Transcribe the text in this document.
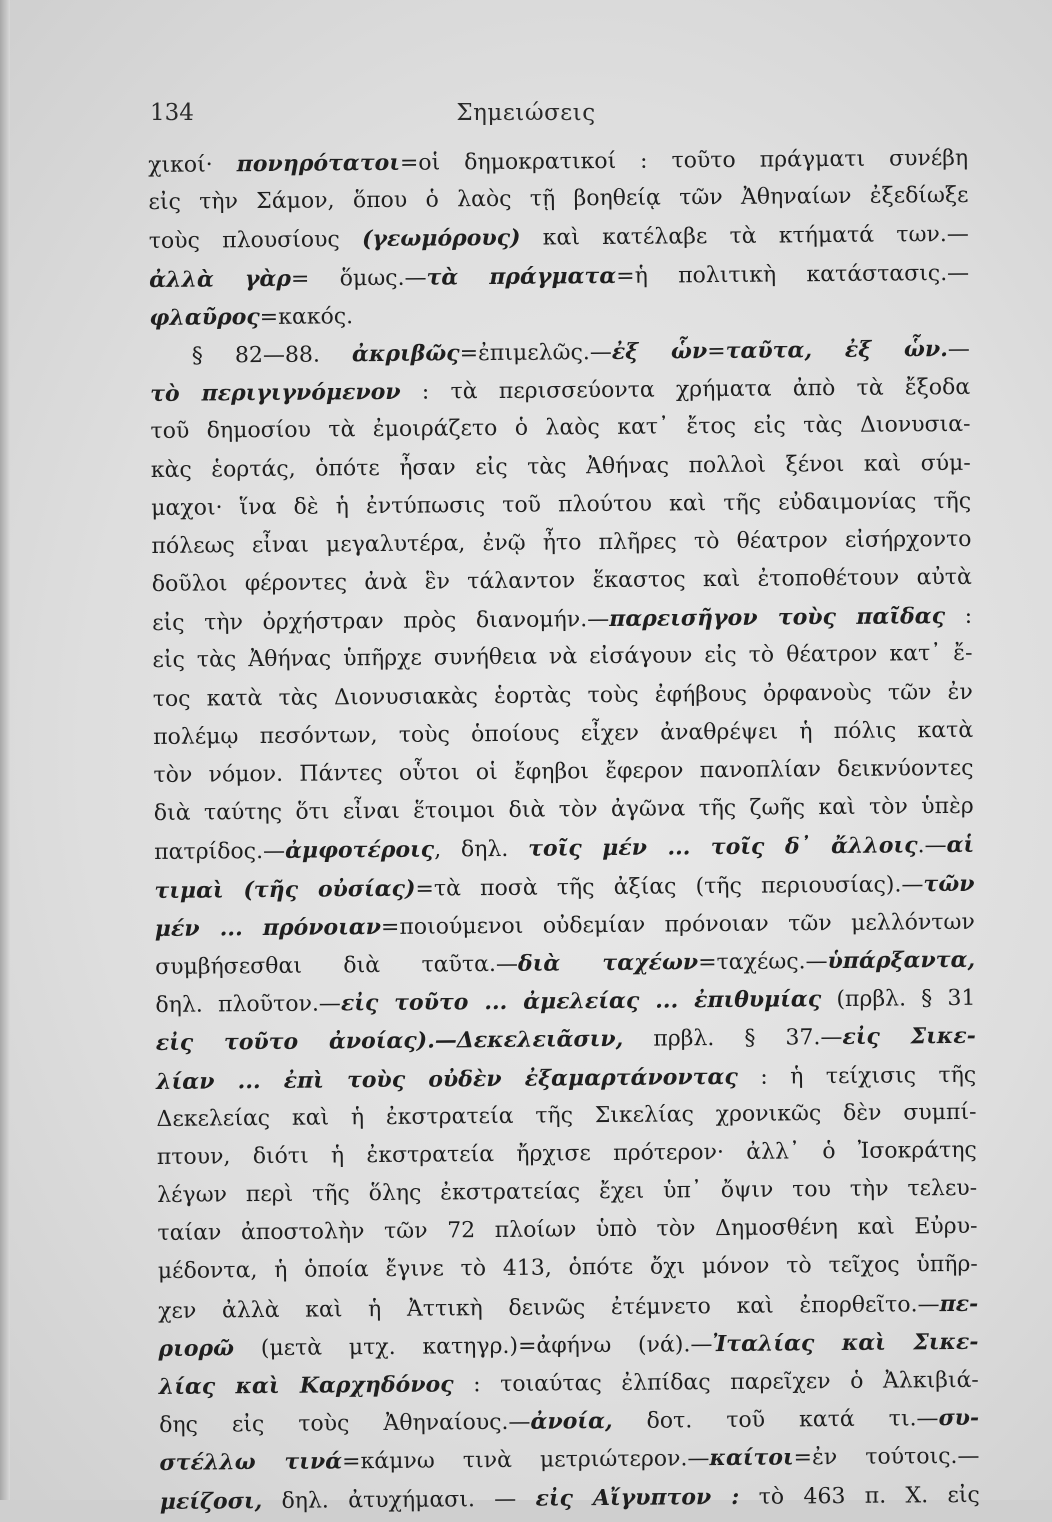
134	Σημειώσεις
χικοί· πονηρότατοι=οἱ δημοκρατικοί : τοῦτο πράγματι συνέβη
εἰς τὴν Σάμον, ὅπου ὁ λαὸς τῇ βοηθείᾳ τῶν Ἀθηναίων ἐξεδίωξε
τοὺς πλουσίους (γεωμόρους) καὶ κατέλαβε τὰ κτήματά των.—
ἀλλὰ γὰρ= ὅμως.—τὰ πράγματα=ἡ πολιτικὴ κατάστασις.—
φλαῦρος=κακός.
§ 82—88. ἀκριβῶς=ἐπιμελῶς.—ἐξ ὧν=ταῦτα, ἐξ ὧν.—
τὸ περιγιγνόμενον : τὰ περισσεύοντα χρήματα ἀπὸ τὰ ἔξοδα
τοῦ δημοσίου τὰ ἐμοιράζετο ὁ λαὸς κατ᾽ ἔτος εἰς τὰς Διονυσια-
κὰς ἑορτάς, ὁπότε ἦσαν εἰς τὰς Ἀθήνας πολλοὶ ξένοι καὶ σύμ-
μαχοι· ἵνα δὲ ἡ ἐντύπωσις τοῦ πλούτου καὶ τῆς εὐδαιμονίας τῆς
πόλεως εἶναι μεγαλυτέρα, ἐνῷ ἦτο πλῆρες τὸ θέατρον εἰσήρχοντο
δοῦλοι φέροντες ἀνὰ ἓν τάλαντον ἕκαστος καὶ ἐτοποθέτουν αὐτὰ
εἰς τὴν ὀρχήστραν πρὸς διανομήν.—παρεισῆγον τοὺς παῖδας :
εἰς τὰς Ἀθήνας ὑπῆρχε συνήθεια νὰ εἰσάγουν εἰς τὸ θέατρον κατ᾽ ἔ-
τος κατὰ τὰς Διονυσιακὰς ἑορτὰς τοὺς ἐφήβους ὀρφανοὺς τῶν ἐν
πολέμῳ πεσόντων, τοὺς ὁποίους εἶχεν ἀναθρέψει ἡ πόλις κατὰ
τὸν νόμον. Πάντες οὗτοι οἱ ἔφηβοι ἔφερον πανοπλίαν δεικνύοντες
διὰ ταύτης ὅτι εἶναι ἕτοιμοι διὰ τὸν ἀγῶνα τῆς ζωῆς καὶ τὸν ὑπὲρ
πατρίδος.—ἀμφοτέροις, δηλ. τοῖς μέν ... τοῖς δ᾽ ἄλλοις.—αἱ
τιμαὶ (τῆς οὐσίας)=τὰ ποσὰ τῆς ἀξίας (τῆς περιουσίας).—τῶν
μέν ... πρόνοιαν=ποιούμενοι οὐδεμίαν πρόνοιαν τῶν μελλόντων
συμβήσεσθαι διὰ ταῦτα.—διὰ ταχέων=ταχέως.—ὑπάρξαντα,
δηλ. πλοῦτον.—εἰς τοῦτο ... ἀμελείας ... ἐπιθυμίας (πρβλ. § 31
εἰς τοῦτο ἀνοίας).—Δεκελειᾶσιν, πρβλ. § 37.—εἰς Σικε-
λίαν ... ἐπὶ τοὺς οὐδὲν ἐξαμαρτάνοντας : ἡ τείχισις τῆς
Δεκελείας καὶ ἡ ἐκστρατεία τῆς Σικελίας χρονικῶς δὲν συμπί-
πτουν, διότι ἡ ἐκστρατεία ἤρχισε πρότερον· ἀλλ᾽ ὁ Ἰσοκράτης
λέγων περὶ τῆς ὅλης ἐκστρατείας ἔχει ὑπ᾽ ὄψιν του τὴν τελευ-
ταίαν ἀποστολὴν τῶν 72 πλοίων ὑπὸ τὸν Δημοσθένη καὶ Εὐρυ-
μέδοντα, ἡ ὁποία ἔγινε τὸ 413, ὁπότε ὄχι μόνον τὸ τεῖχος ὑπῆρ-
χεν ἀλλὰ καὶ ἡ Ἀττικὴ δεινῶς ἐτέμνετο καὶ ἐπορθεῖτο.—πε-
ριορῶ (μετὰ μτχ. κατηγρ.)=ἀφήνω (νά).—Ἰταλίας καὶ Σικε-
λίας καὶ Καρχηδόνος : τοιαύτας ἐλπίδας παρεῖχεν ὁ Ἀλκιβιά-
δης εἰς τοὺς Ἀθηναίους.—ἀνοία, δοτ. τοῦ κατά τι.—συ-
στέλλω τινά=κάμνω τινὰ μετριώτερον.—καίτοι=ἐν τούτοις.—
μείζοσι, δηλ. ἀτυχήμασι. — εἰς Αἴγυπτον : τὸ 463 π. Χ. εἰς
